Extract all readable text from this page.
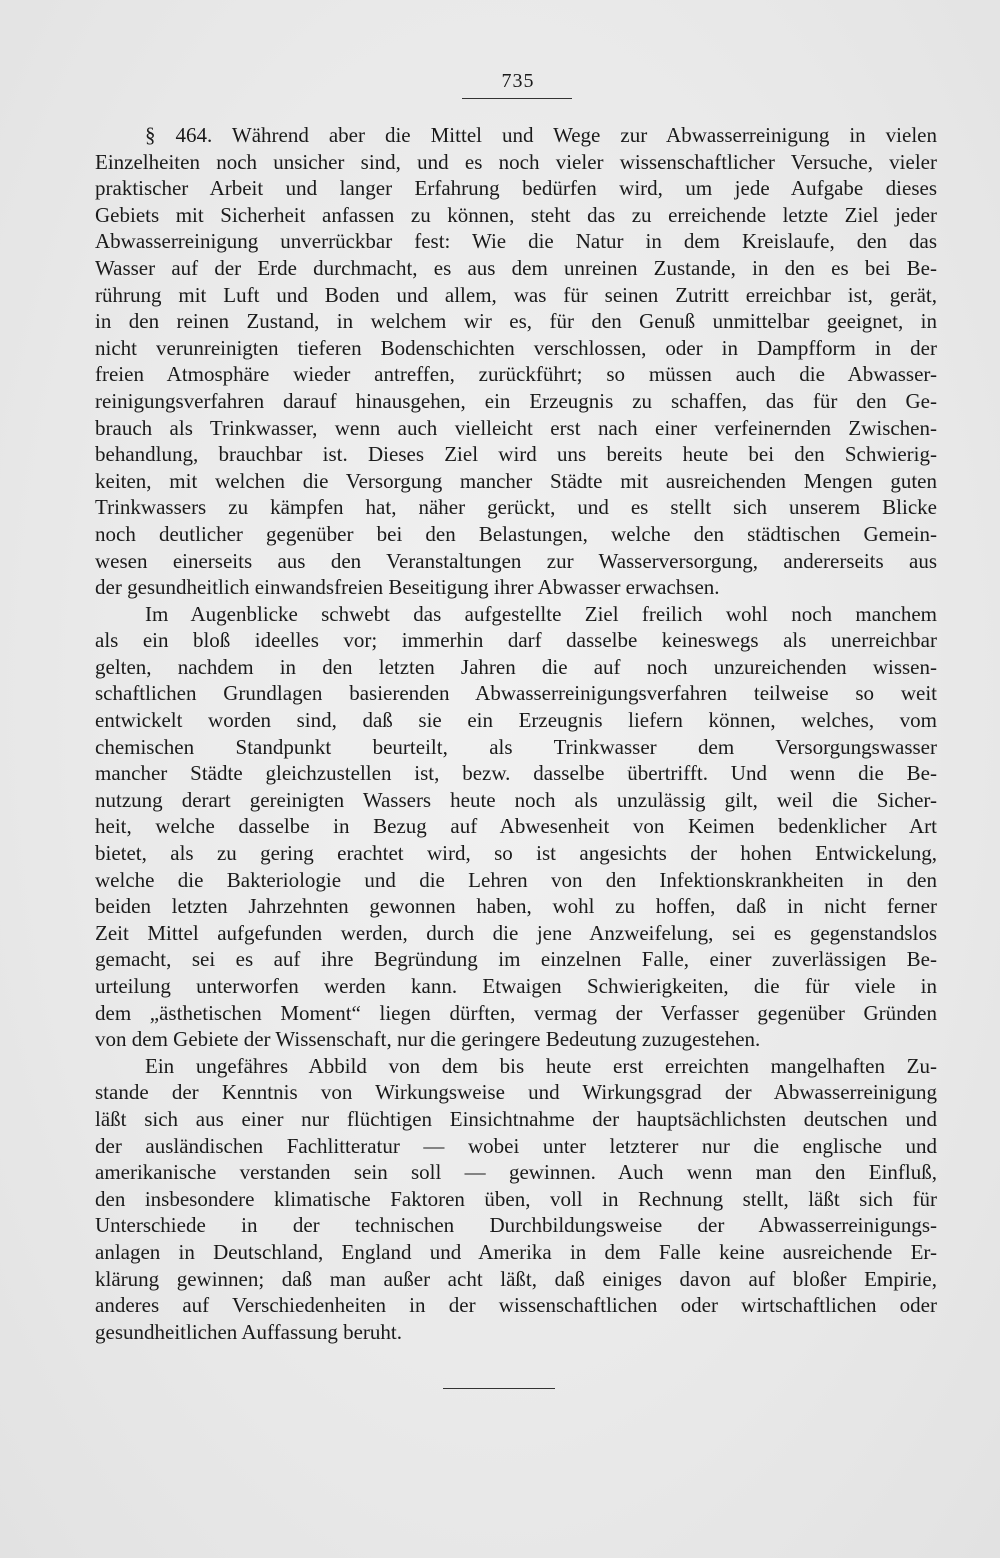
735
§ 464. Während aber die Mittel und Wege zur Abwasserreinigung in vielen
Einzelheiten noch unsicher sind, und es noch vieler wissenschaftlicher Versuche, vieler
praktischer Arbeit und langer Erfahrung bedürfen wird, um jede Aufgabe dieses
Gebiets mit Sicherheit anfassen zu können, steht das zu erreichende letzte Ziel jeder
Abwasserreinigung unverrückbar fest: Wie die Natur in dem Kreislaufe, den das
Wasser auf der Erde durchmacht, es aus dem unreinen Zustande, in den es bei Be-
rührung mit Luft und Boden und allem, was für seinen Zutritt erreichbar ist, gerät,
in den reinen Zustand, in welchem wir es, für den Genuß unmittelbar geeignet, in
nicht verunreinigten tieferen Bodenschichten verschlossen, oder in Dampfform in der
freien Atmosphäre wieder antreffen, zurückführt; so müssen auch die Abwasser-
reinigungsverfahren darauf hinausgehen, ein Erzeugnis zu schaffen, das für den Ge-
brauch als Trinkwasser, wenn auch vielleicht erst nach einer verfeinernden Zwischen-
behandlung, brauchbar ist. Dieses Ziel wird uns bereits heute bei den Schwierig-
keiten, mit welchen die Versorgung mancher Städte mit ausreichenden Mengen guten
Trinkwassers zu kämpfen hat, näher gerückt, und es stellt sich unserem Blicke
noch deutlicher gegenüber bei den Belastungen, welche den städtischen Gemein-
wesen einerseits aus den Veranstaltungen zur Wasserversorgung, andererseits aus
der gesundheitlich einwandsfreien Beseitigung ihrer Abwasser erwachsen.
Im Augenblicke schwebt das aufgestellte Ziel freilich wohl noch manchem
als ein bloß ideelles vor; immerhin darf dasselbe keineswegs als unerreichbar
gelten, nachdem in den letzten Jahren die auf noch unzureichenden wissen-
schaftlichen Grundlagen basierenden Abwasserreinigungsverfahren teilweise so weit
entwickelt worden sind, daß sie ein Erzeugnis liefern können, welches, vom
chemischen Standpunkt beurteilt, als Trinkwasser dem Versorgungswasser
mancher Städte gleichzustellen ist, bezw. dasselbe übertrifft. Und wenn die Be-
nutzung derart gereinigten Wassers heute noch als unzulässig gilt, weil die Sicher-
heit, welche dasselbe in Bezug auf Abwesenheit von Keimen bedenklicher Art
bietet, als zu gering erachtet wird, so ist angesichts der hohen Entwickelung,
welche die Bakteriologie und die Lehren von den Infektionskrankheiten in den
beiden letzten Jahrzehnten gewonnen haben, wohl zu hoffen, daß in nicht ferner
Zeit Mittel aufgefunden werden, durch die jene Anzweifelung, sei es gegenstandslos
gemacht, sei es auf ihre Begründung im einzelnen Falle, einer zuverlässigen Be-
urteilung unterworfen werden kann. Etwaigen Schwierigkeiten, die für viele in
dem „ästhetischen Moment“ liegen dürften, vermag der Verfasser gegenüber Gründen
von dem Gebiete der Wissenschaft, nur die geringere Bedeutung zuzugestehen.
Ein ungefähres Abbild von dem bis heute erst erreichten mangelhaften Zu-
stande der Kenntnis von Wirkungsweise und Wirkungsgrad der Abwasserreinigung
läßt sich aus einer nur flüchtigen Einsichtnahme der hauptsächlichsten deutschen und
der ausländischen Fachlitteratur — wobei unter letzterer nur die englische und
amerikanische verstanden sein soll — gewinnen. Auch wenn man den Einfluß,
den insbesondere klimatische Faktoren üben, voll in Rechnung stellt, läßt sich für
Unterschiede in der technischen Durchbildungsweise der Abwasserreinigungs-
anlagen in Deutschland, England und Amerika in dem Falle keine ausreichende Er-
klärung gewinnen; daß man außer acht läßt, daß einiges davon auf bloßer Empirie,
anderes auf Verschiedenheiten in der wissenschaftlichen oder wirtschaftlichen oder
gesundheitlichen Auffassung beruht.
